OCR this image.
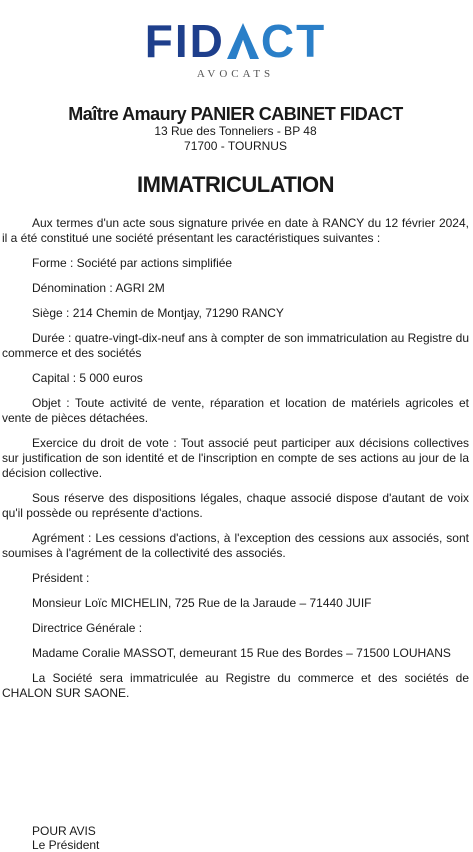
FID CT
AVOCATS
Maître Amaury PANIER CABINET FIDACT
13 Rue des Tonneliers - BP 48
71700 - TOURNUS
IMMATRICULATION

Aux termes d'un acte sous signature privée en date à RANCY du 12 février 2024, il a été constitué une société présentant les caractéristiques suivantes :

Forme : Société par actions simplifiée

Dénomination : AGRI 2M

Siège : 214 Chemin de Montjay, 71290 RANCY

Durée : quatre-vingt-dix-neuf ans à compter de son immatriculation au Registre du commerce et des sociétés

Capital : 5 000 euros

Objet : Toute activité de vente, réparation et location de matériels agricoles et vente de pièces détachées.

Exercice du droit de vote : Tout associé peut participer aux décisions collectives sur justification de son identité et de l'inscription en compte de ses actions au jour de la décision collective.

Sous réserve des dispositions légales, chaque associé dispose d'autant de voix qu'il possède ou représente d'actions.

Agrément : Les cessions d'actions, à l'exception des cessions aux associés, sont soumises à l'agrément de la collectivité des associés.

Président :

Monsieur Loïc MICHELIN, 725 Rue de la Jaraude – 71440 JUIF

Directrice Générale :

Madame Coralie MASSOT, demeurant 15 Rue des Bordes – 71500 LOUHANS

La Société sera immatriculée au Registre du commerce et des sociétés de CHALON SUR SAONE.

POUR AVIS
Le Président
